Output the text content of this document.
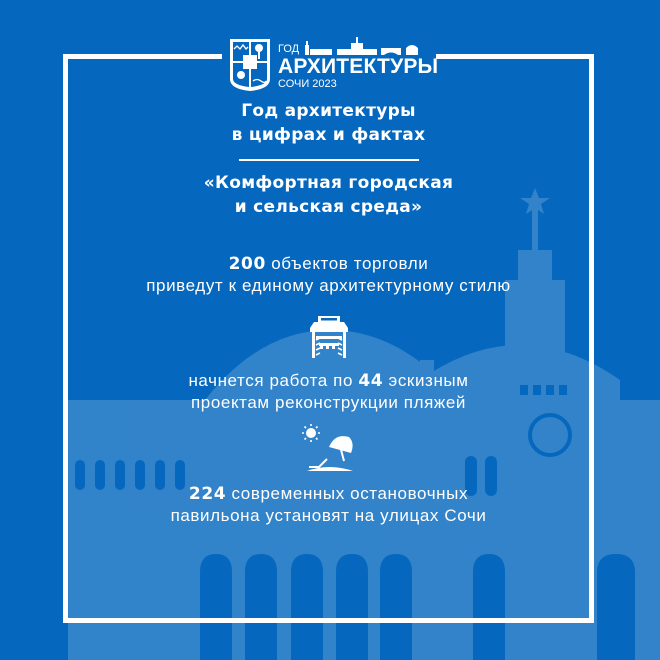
ГОД
АРХИТЕКТУРЫ
СОЧИ 2023
Год архитектуры
в цифрах и фактах
«Комфортная городская
и сельская среда»
200 объектов торговли
приведут к единому архитектурному стилю
начнется работа по 44 эскизным
проектам реконструкции пляжей
224 современных остановочных
павильона установят на улицах Сочи
